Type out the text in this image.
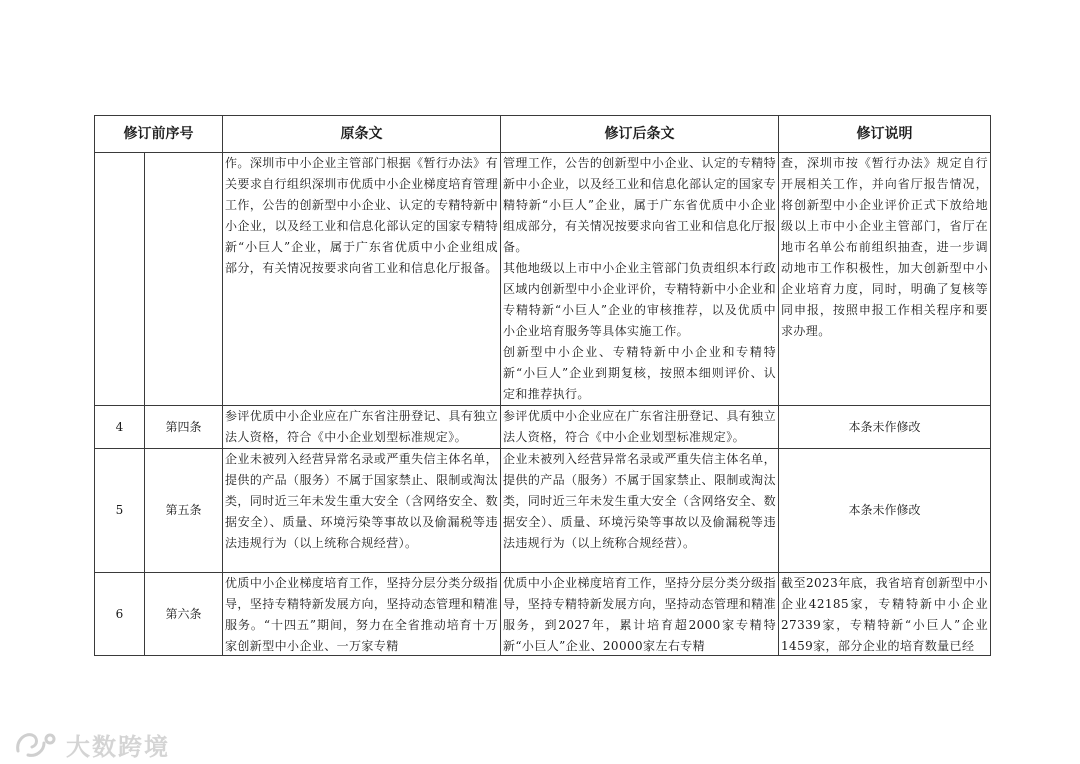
修订前序号		原条文	修订后条文	修订说明
		作。深圳市中小企业主管部门根据《暂行办法》有关要求自行组织深圳市优质中小企业梯度培育管理工作，公告的创新型中小企业、认定的专精特新中小企业，以及经工业和信息化部认定的国家专精特新“小巨人”企业，属于广东省优质中小企业组成部分，有关情况按要求向省工业和信息化厅报备。	管理工作，公告的创新型中小企业、认定的专精特新中小企业，以及经工业和信息化部认定的国家专精特新“小巨人”企业，属于广东省优质中小企业组成部分，有关情况按要求向省工业和信息化厅报备。
其他地级以上市中小企业主管部门负责组织本行政区域内创新型中小企业评价，专精特新中小企业和专精特新“小巨人”企业的审核推荐，以及优质中小企业培育服务等具体实施工作。
创新型中小企业、专精特新中小企业和专精特新“小巨人”企业到期复核，按照本细则评价、认定和推荐执行。	查，深圳市按《暂行办法》规定自行开展相关工作，并向省厅报告情况，将创新型中小企业评价正式下放给地级以上市中小企业主管部门，省厅在地市名单公布前组织抽查，进一步调动地市工作积极性，加大创新型中小企业培育力度，同时，明确了复核等同申报，按照申报工作相关程序和要求办理。
4	第四条	参评优质中小企业应在广东省注册登记、具有独立法人资格，符合《中小企业划型标准规定》。	参评优质中小企业应在广东省注册登记、具有独立法人资格，符合《中小企业划型标准规定》。	本条未作修改
5	第五条	企业未被列入经营异常名录或严重失信主体名单，提供的产品（服务）不属于国家禁止、限制或淘汰类，同时近三年未发生重大安全（含网络安全、数据安全）、质量、环境污染等事故以及偷漏税等违法违规行为（以上统称合规经营）。	企业未被列入经营异常名录或严重失信主体名单，提供的产品（服务）不属于国家禁止、限制或淘汰类，同时近三年未发生重大安全（含网络安全、数据安全）、质量、环境污染等事故以及偷漏税等违法违规行为（以上统称合规经营）。	本条未作修改
6	第六条	优质中小企业梯度培育工作，坚持分层分类分级指导，坚持专精特新发展方向，坚持动态管理和精准服务。“十四五”期间，努力在全省推动培育十万家创新型中小企业、一万家专精	优质中小企业梯度培育工作，坚持分层分类分级指导，坚持专精特新发展方向，坚持动态管理和精准服务，到2027年，累计培育超2000家专精特新“小巨人”企业、20000家左右专精	截至2023年底，我省培育创新型中小企业42185家，专精特新中小企业27339家，专精特新“小巨人”企业1459家，部分企业的培育数量已经
大数跨境
